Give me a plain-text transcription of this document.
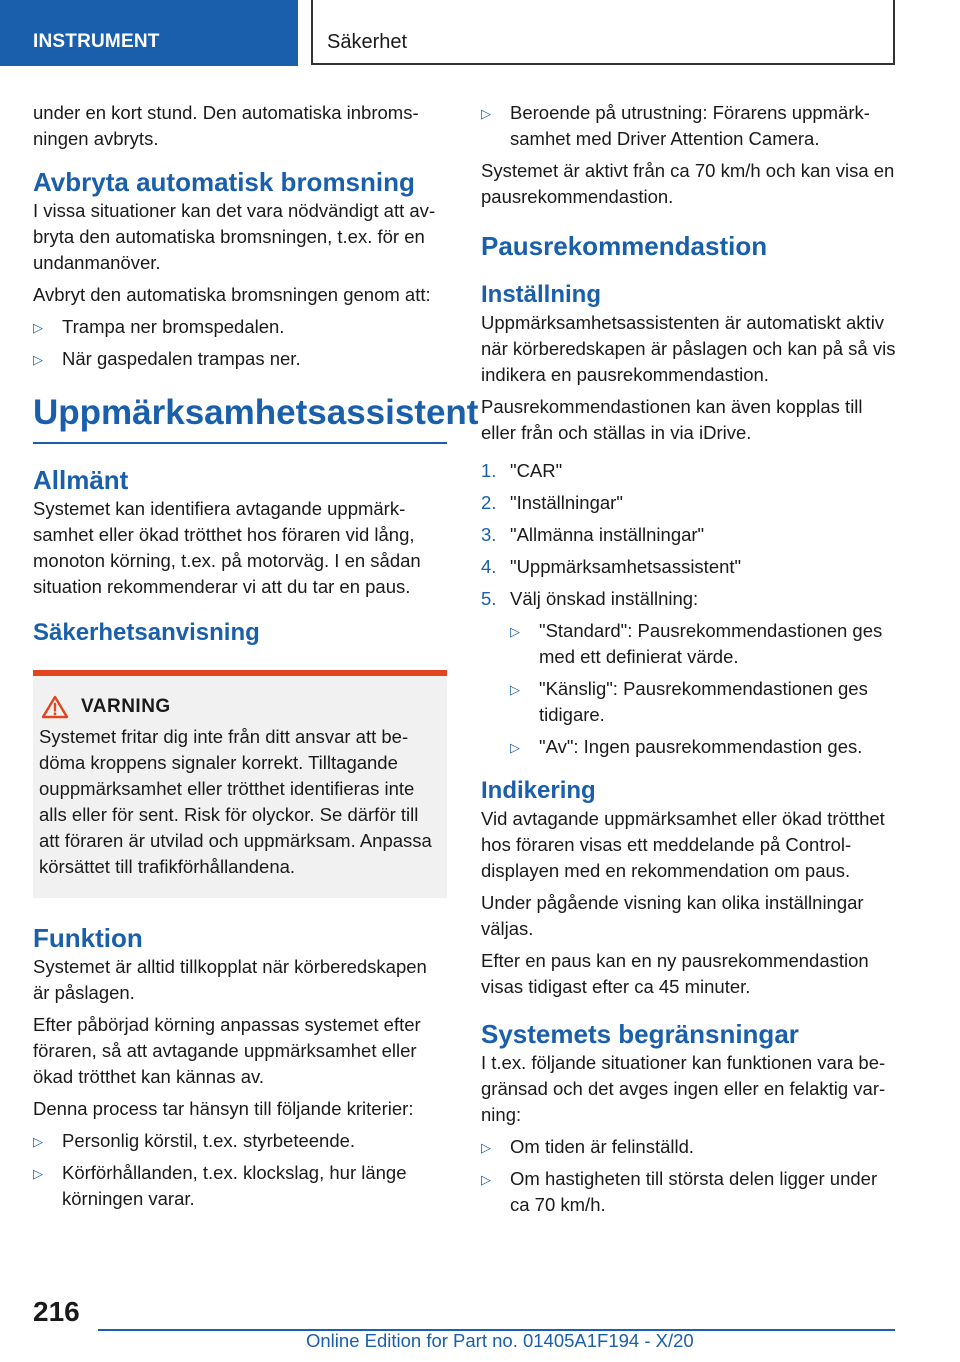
INSTRUMENT	Säkerhet

under en kort stund. Den automatiska inbromsningen avbryts.

Avbryta automatisk bromsning

I vissa situationer kan det vara nödvändigt att avbryta den automatiska bromsningen, t.ex. för en undanmanöver.

Avbryt den automatiska bromsningen genom att:

▷ Trampa ner bromspedalen.
▷ När gaspedalen trampas ner.
Uppmärksamhetsassistent
Allmänt

Systemet kan identifiera avtagande uppmärksamhet eller ökad trötthet hos föraren vid lång, monoton körning, t.ex. på motorväg. I en sådan situation rekommenderar vi att du tar en paus.

Säkerhetsanvisning
VARNING

Systemet fritar dig inte från ditt ansvar att bedöma kroppens signaler korrekt. Tilltagande ouppmärksamhet eller trötthet identifieras inte alls eller för sent. Risk för olyckor. Se därför till att föraren är utvilad och uppmärksam. Anpassa körsättet till trafikförhållandena.

Funktion

Systemet är alltid tillkopplat när körberedskapen är påslagen.

Efter påbörjad körning anpassas systemet efter föraren, så att avtagande uppmärksamhet eller ökad trötthet kan kännas av.

Denna process tar hänsyn till följande kriterier:

▷ Personlig körstil, t.ex. styrbeteende.
▷ Körförhållanden, t.ex. klockslag, hur länge körningen varar.
▷ Beroende på utrustning: Förarens uppmärksamhet med Driver Attention Camera.

Systemet är aktivt från ca 70 km/h och kan visa en pausrekommendastion.

Pausrekommendastion
Inställning

Uppmärksamhetsassistenten är automatiskt aktiv när körberedskapen är påslagen och kan på så vis indikera en pausrekommendastion.

Pausrekommendastionen kan även kopplas till eller från och ställas in via iDrive.

1. "CAR"
2. "Inställningar"
3. "Allmänna inställningar"
4. "Uppmärksamhetsassistent"
5. Välj önskad inställning:
▷ "Standard": Pausrekommendastionen ges med ett definierat värde.
▷ "Känslig": Pausrekommendastionen ges tidigare.
▷ "Av": Ingen pausrekommendastion ges.
Indikering

Vid avtagande uppmärksamhet eller ökad trötthet hos föraren visas ett meddelande på Control-displayen med en rekommendation om paus.

Under pågående visning kan olika inställningar väljas.

Efter en paus kan en ny pausrekommendastion visas tidigast efter ca 45 minuter.

Systemets begränsningar

I t.ex. följande situationer kan funktionen vara begränsad och det avges ingen eller en felaktig varning:

▷ Om tiden är felinställd.
▷ Om hastigheten till största delen ligger under ca 70 km/h.
216
Online Edition for Part no. 01405A1F194 - X/20
